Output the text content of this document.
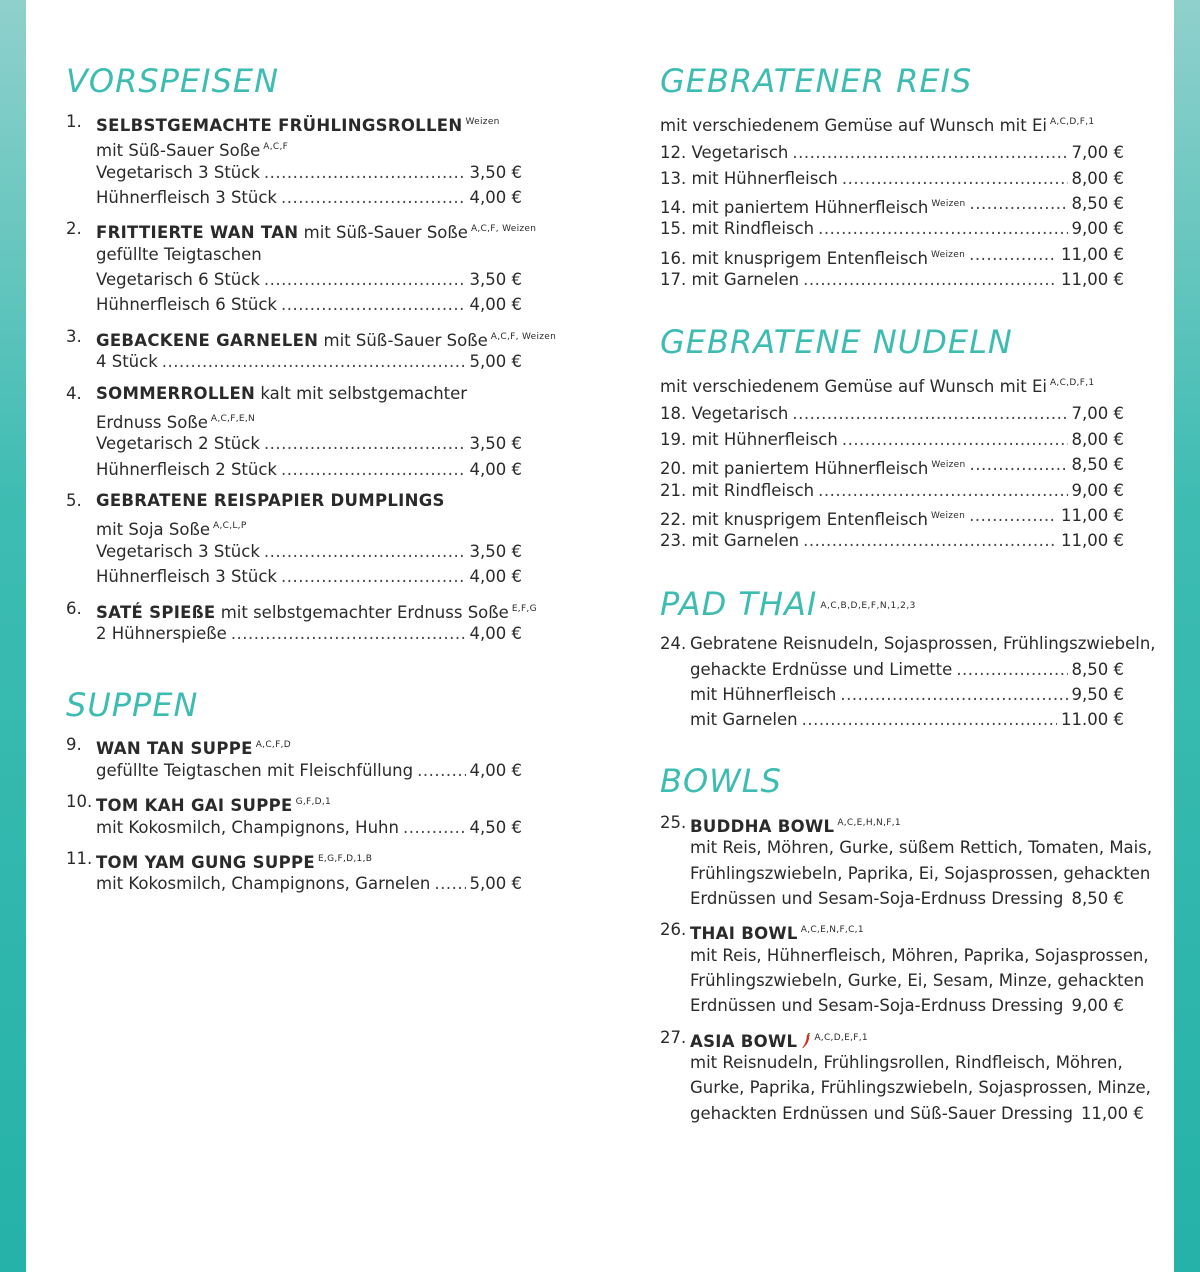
VORSPEISEN
1. SELBSTGEMACHTE FRÜHLINGSROLLEN $^{Weizen}$
mit Süß-Sauer Soße $^{A,C,F}$
Vegetarisch 3 Stück .....	3,50 €
Hühnerfleisch 3 Stück .....	4,00 €
2. FRITTIERTE WAN TAN mit Süß-Sauer Soße $^{A,C,F, Weizen}$
gefüllte Teigtaschen
Vegetarisch 6 Stück .....	3,50 €
Hühnerfleisch 6 Stück .....	4,00 €
3. GEBACKENE GARNELEN mit Süß-Sauer Soße $^{A,C,F, Weizen}$
4 Stück .....	5,00 €
4. SOMMERROLLEN kalt mit selbstgemachter
Erdnuss Soße $^{A,C,F,E,N}$
Vegetarisch 2 Stück .....	3,50 €
Hühnerfleisch 2 Stück .....	4,00 €
5. GEBRATENE REISPAPIER DUMPLINGS
mit Soja Soße $^{A,C,L,P}$
Vegetarisch 3 Stück .....	3,50 €
Hühnerfleisch 3 Stück .....	4,00 €
6. SATÉ SPIEßE mit selbstgemachter Erdnuss Soße $^{E,F,G}$
2 Hühnerspieße .....	4,00 €
SUPPEN
9. WAN TAN SUPPE $^{A,C,F,D}$
gefüllte Teigtaschen mit Fleischfüllung .....	4,00 €
10. TOM KAH GAI SUPPE $^{G,F,D,1}$
mit Kokosmilch, Champignons, Huhn .....	4,50 €
11. TOM YAM GUNG SUPPE $^{E,G,F,D,1,B}$
mit Kokosmilch, Champignons, Garnelen ..... 5,00 €
GEBRATENER REIS
mit verschiedenem Gemüse auf Wunsch mit Ei $^{A,C,D,F,1}$
12. Vegetarisch .....	7,00 €
13. mit Hühnerfleisch .....	8,00 €
14. mit paniertem Hühnerfleisch $^{Weizen}$ .....	8,50 €
15. mit Rindfleisch .....	9,00 €
16. mit knusprigem Entenfleisch $^{Weizen}$ .....	11,00 €
17. mit Garnelen .....	11,00 €
GEBRATENE NUDELN
mit verschiedenem Gemüse auf Wunsch mit Ei $^{A,C,D,F,1}$
18. Vegetarisch .....	7,00 €
19. mit Hühnerfleisch .....	8,00 €
20. mit paniertem Hühnerfleisch $^{Weizen}$ .....	8,50 €
21. mit Rindfleisch .....	9,00 €
22. mit knusprigem Entenfleisch $^{Weizen}$ .....	11,00 €
23. mit Garnelen .....	11,00 €
PAD THAI $^{A,C,B,D,E,F,N,1,2,3}$
24. Gebratene Reisnudeln, Sojasprossen, Frühlingszwiebeln,
gehackte Erdnüsse und Limette .....	8,50 €
mit Hühnerfleisch .....	9,50 €
mit Garnelen .....	11.00 €
BOWLS
25. BUDDHA BOWL $^{A,C,E,H,N,F,1}$
mit Reis, Möhren, Gurke, süßem Rettich, Tomaten, Mais,
Frühlingszwiebeln, Paprika, Ei, Sojasprossen, gehackten
Erdnüssen und Sesam-Soja-Erdnuss Dressing ..... 8,50 €
26. THAI BOWL $^{A,C,E,N,F,C,1}$
mit Reis, Hühnerfleisch, Möhren, Paprika, Sojasprossen,
Frühlingszwiebeln, Gurke, Ei, Sesam, Minze, gehackten
Erdnüssen und Sesam-Soja-Erdnuss Dressing ..... 9,00 €
27. ASIA BOWL $^{A,C,D,E,F,1}$
mit Reisnudeln, Frühlingsrollen, Rindfleisch, Möhren,
Gurke, Paprika, Frühlingszwiebeln, Sojasprossen, Minze,
gehackten Erdnüssen und Süß-Sauer Dressing 11,00 €
